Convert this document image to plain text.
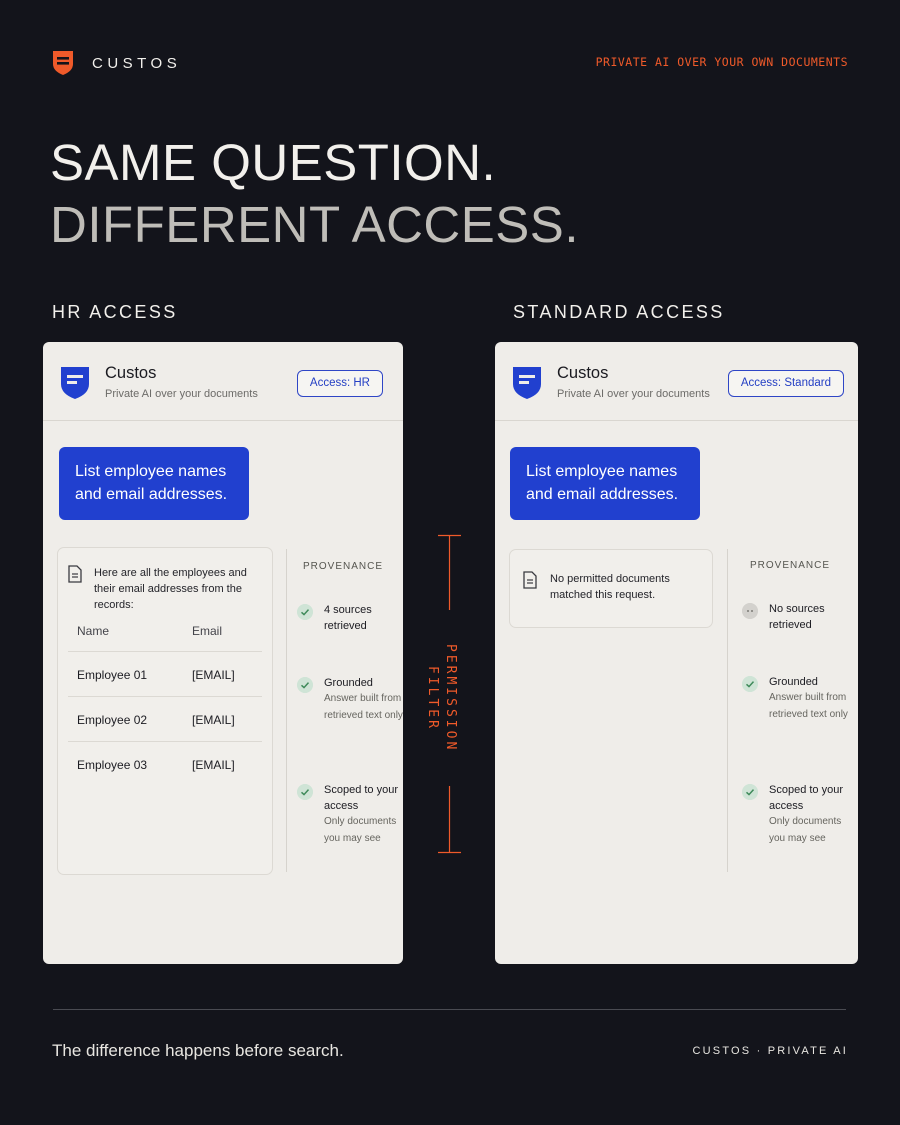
CUSTOS	PRIVATE AI OVER YOUR OWN DOCUMENTS
SAME QUESTION.
DIFFERENT ACCESS.
HR ACCESS	STANDARD ACCESS
Custos
Private AI over your documents
Access: HR
List employee names and email addresses.
Here are all the employees and their email addresses from the records:
Name	Email
Employee 01	[EMAIL]
Employee 02	[EMAIL]
Employee 03	[EMAIL]
PROVENANCE
4 sources retrieved
Grounded
Answer built from retrieved text only
Scoped to your access
Only documents you may see
PERMISSION FILTER
Custos
Private AI over your documents
Access: Standard
List employee names and email addresses.
No permitted documents matched this request.
PROVENANCE
No sources retrieved
Grounded
Answer built from retrieved text only
Scoped to your access
Only documents you may see
The difference happens before search.	CUSTOS · PRIVATE AI
